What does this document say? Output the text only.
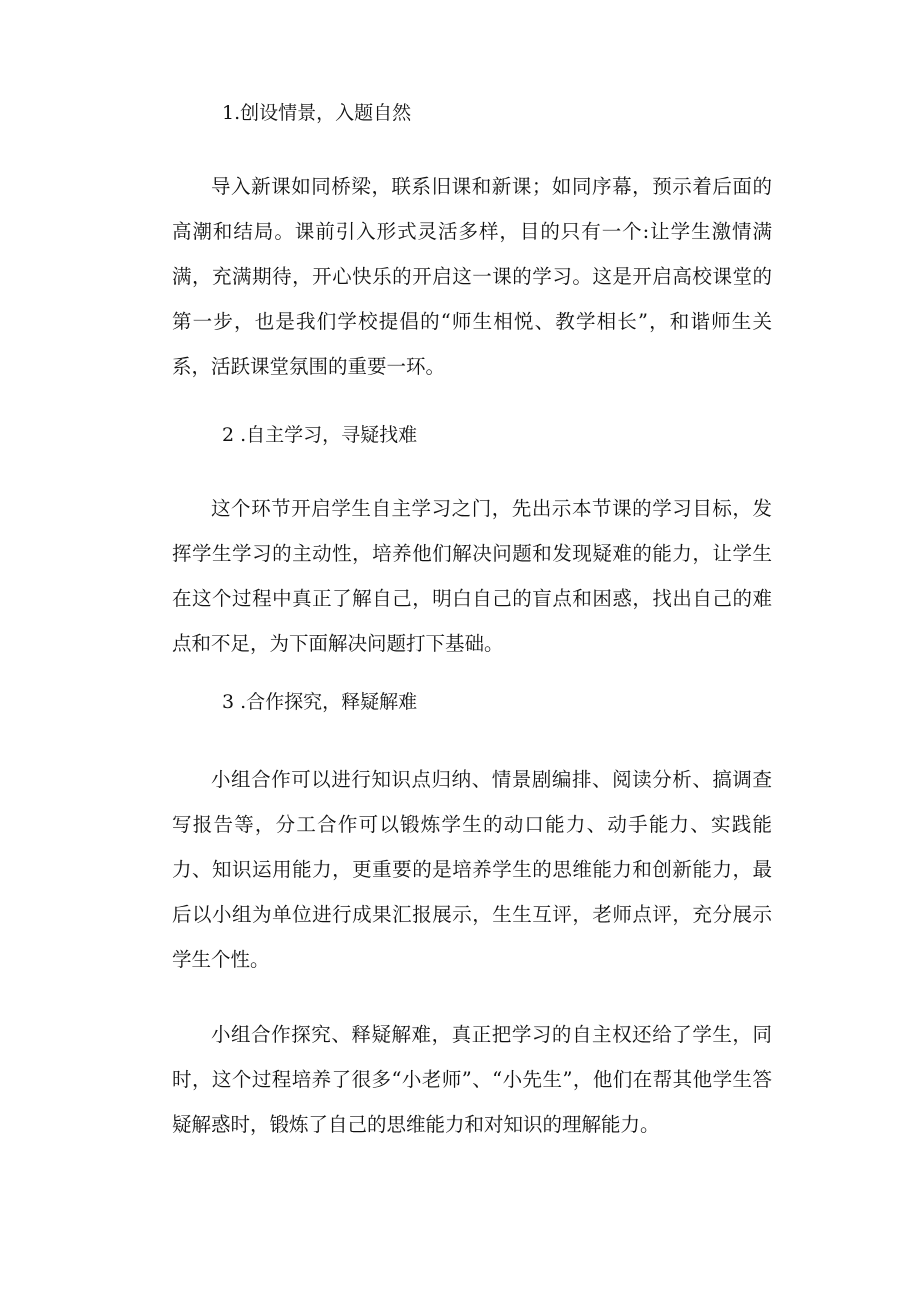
1.创设情景，入题自然

导入新课如同桥梁，联系旧课和新课；如同序幕，预示着后面的高潮和结局。课前引入形式灵活多样，目的只有一个:让学生激情满满，充满期待，开心快乐的开启这一课的学习。这是开启高校课堂的第一步，也是我们学校提倡的“师生相悦、教学相长”，和谐师生关系，活跃课堂氛围的重要一环。

2 .自主学习，寻疑找难

这个环节开启学生自主学习之门，先出示本节课的学习目标，发挥学生学习的主动性，培养他们解决问题和发现疑难的能力，让学生在这个过程中真正了解自己，明白自己的盲点和困惑，找出自己的难点和不足，为下面解决问题打下基础。

3 .合作探究，释疑解难

小组合作可以进行知识点归纳、情景剧编排、阅读分析、搞调查写报告等，分工合作可以锻炼学生的动口能力、动手能力、实践能力、知识运用能力，更重要的是培养学生的思维能力和创新能力，最后以小组为单位进行成果汇报展示，生生互评，老师点评，充分展示学生个性。

小组合作探究、释疑解难，真正把学习的自主权还给了学生，同时，这个过程培养了很多“小老师”、“小先生”，他们在帮其他学生答疑解惑时，锻炼了自己的思维能力和对知识的理解能力。
